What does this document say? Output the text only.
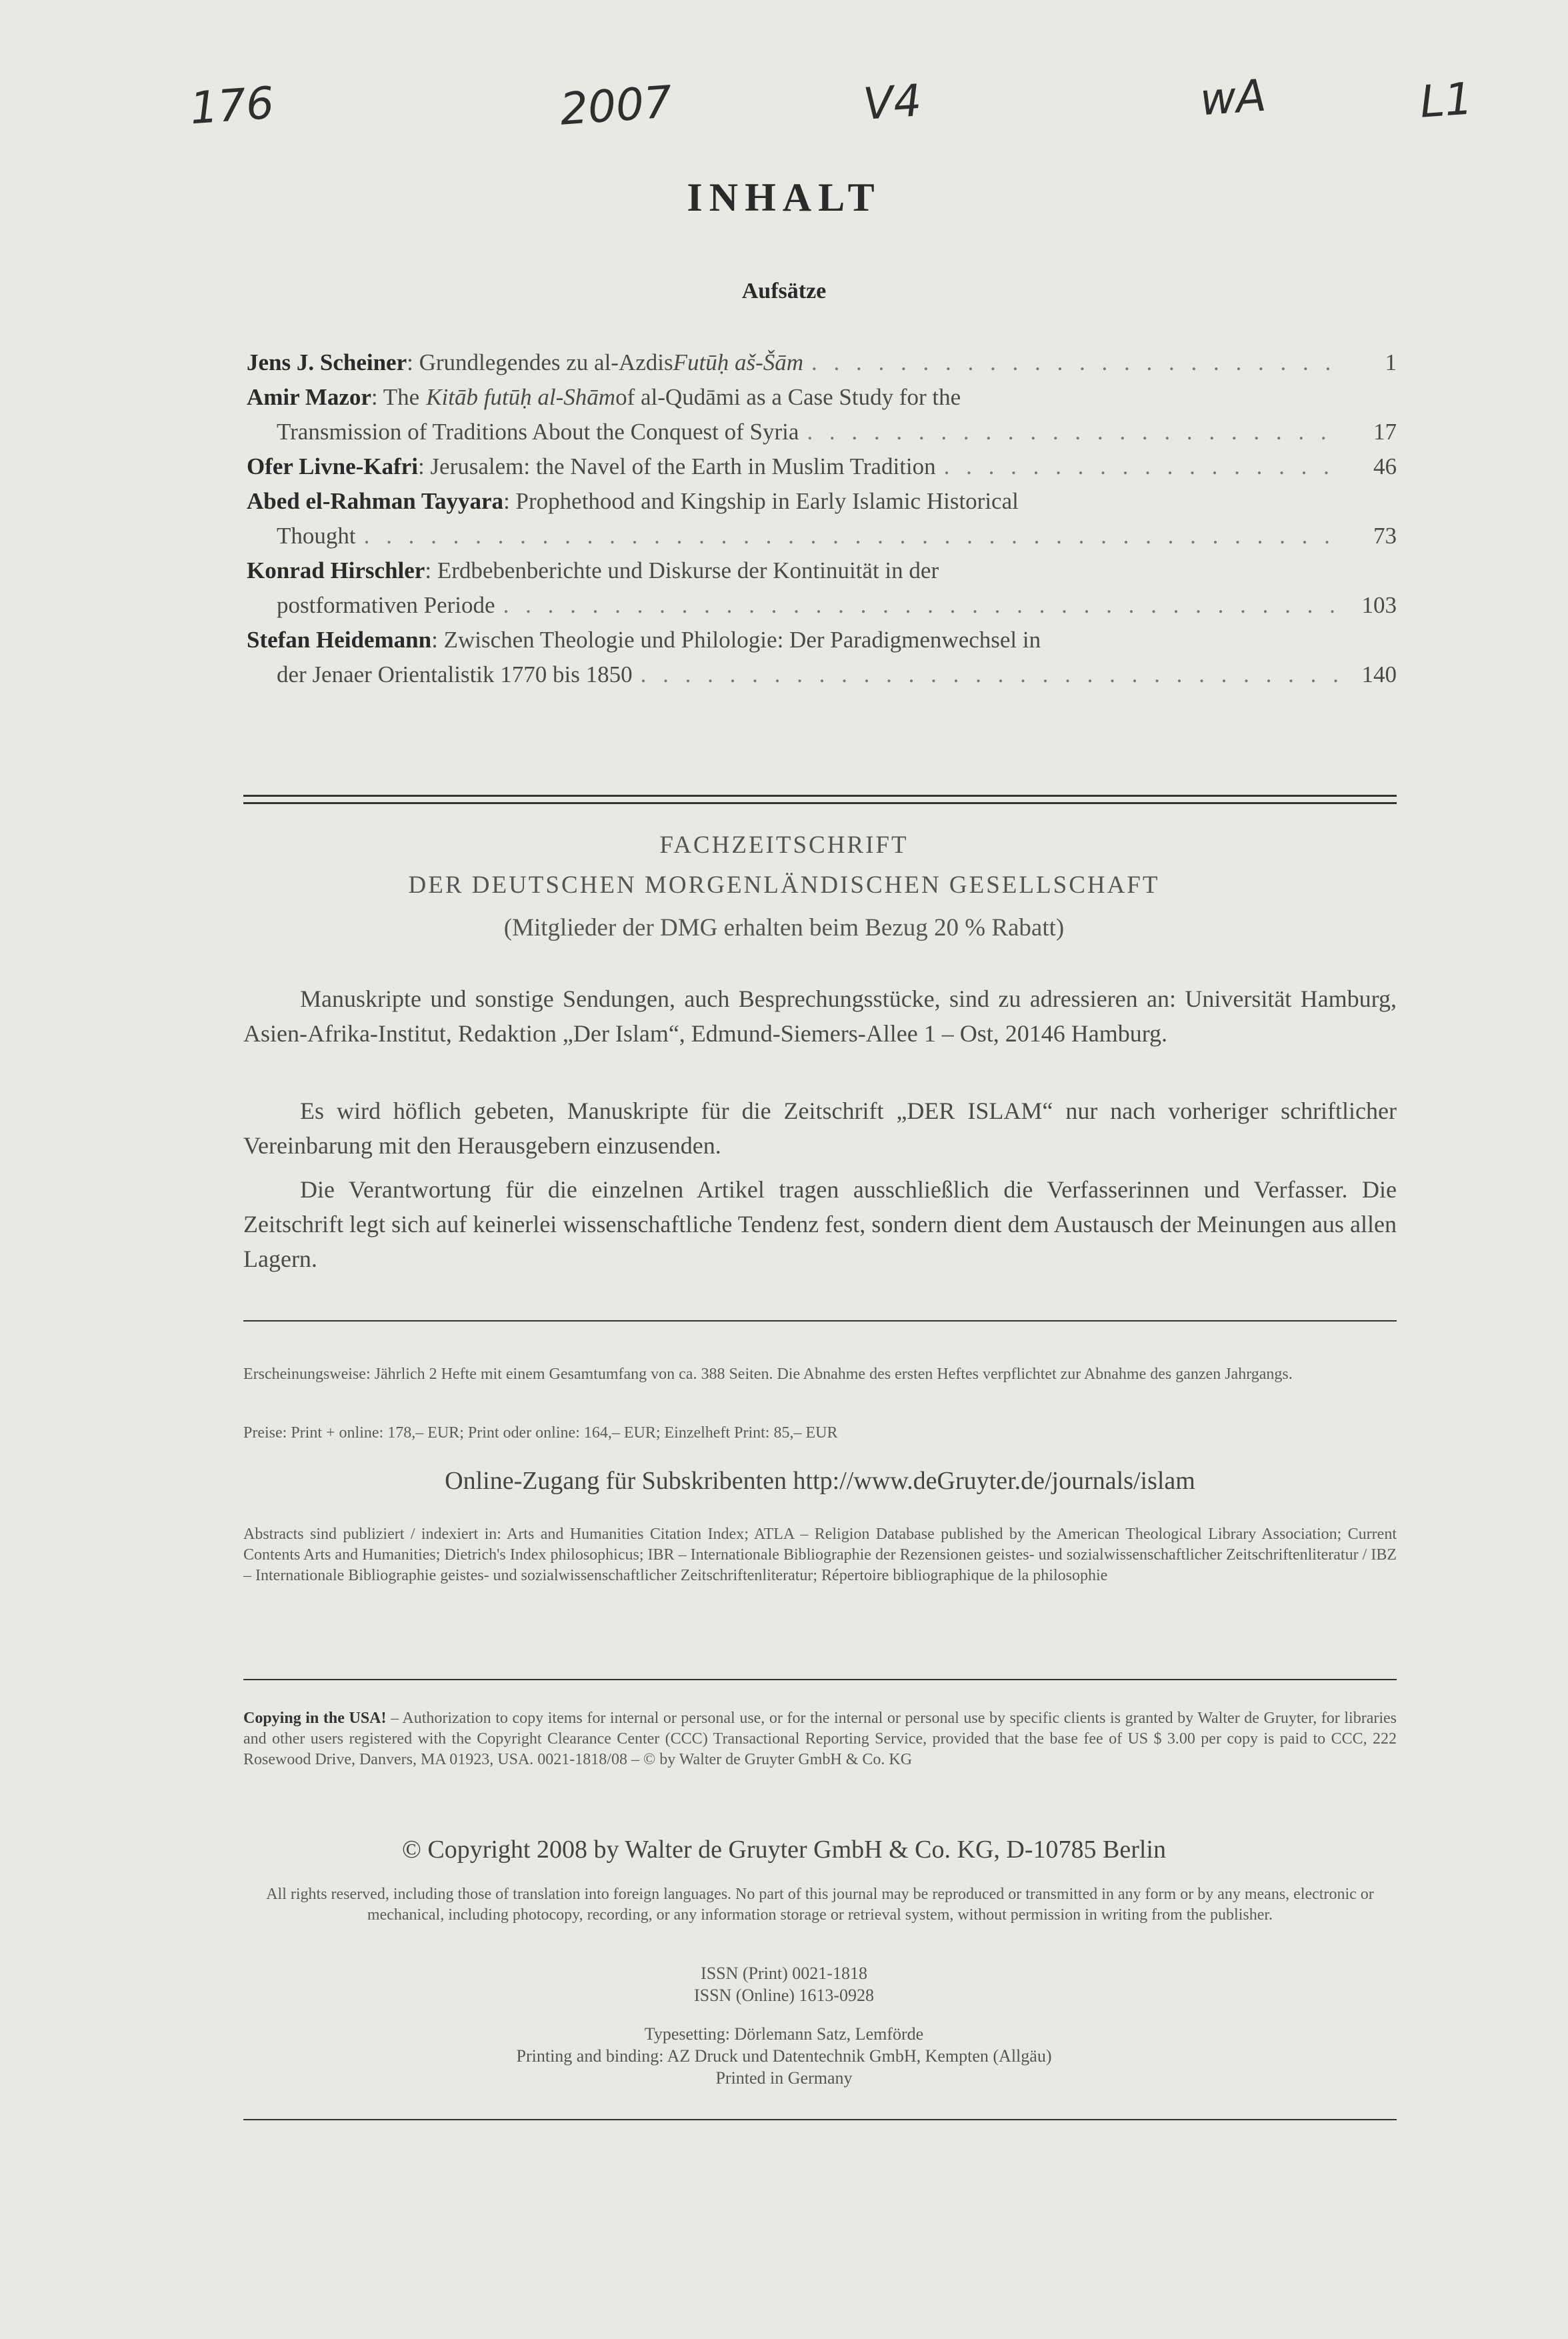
176	2007	V4	wA	L1
INHALT
Aufsätze
Jens J. Scheiner : Grundlegendes zu al-Azdis Futūḥ aš-Šām . . .	1
Amir Mazor : The Kitāb futūḥ al-Shām of al-Qudāmi as a Case Study for the
Transmission of Traditions About the Conquest of Syria . . .	17
Ofer Livne-Kafri : Jerusalem: the Navel of the Earth in Muslim Tradition . . .	46
Abed el-Rahman Tayyara : Prophethood and Kingship in Early Islamic Historical
Thought . . .	73
Konrad Hirschler : Erdbebenberichte und Diskurse der Kontinuität in der
postformativen Periode . . .	103
Stefan Heidemann : Zwischen Theologie und Philologie: Der Paradigmenwechsel in
der Jenaer Orientalistik 1770 bis 1850 . . .	140
FACHZEITSCHRIFT
DER DEUTSCHEN MORGENLÄNDISCHEN GESELLSCHAFT
(Mitglieder der DMG erhalten beim Bezug 20 % Rabatt)
Manuskripte und sonstige Sendungen, auch Besprechungsstücke, sind zu adressieren an: Universität Hamburg, Asien-Afrika-Institut, Redaktion „Der Islam“, Edmund-Siemers-Allee 1 – Ost, 20146 Hamburg.
Es wird höflich gebeten, Manuskripte für die Zeitschrift „DER ISLAM“ nur nach vorheriger schriftlicher Vereinbarung mit den Herausgebern einzusenden.
Die Verantwortung für die einzelnen Artikel tragen ausschließlich die Verfasserinnen und Verfasser. Die Zeitschrift legt sich auf keinerlei wissenschaftliche Tendenz fest, sondern dient dem Austausch der Meinungen aus allen Lagern.
Erscheinungsweise: Jährlich 2 Hefte mit einem Gesamtumfang von ca. 388 Seiten. Die Abnahme des ersten Heftes verpflichtet zur Abnahme des ganzen Jahrgangs.
Preise: Print + online: 178,– EUR; Print oder online: 164,– EUR; Einzelheft Print: 85,– EUR
Online-Zugang für Subskribenten http://www.deGruyter.de/journals/islam
Abstracts sind publiziert / indexiert in: Arts and Humanities Citation Index; ATLA – Religion Database published by the American Theological Library Association; Current Contents Arts and Humanities; Dietrich's Index philosophicus; IBR – Internationale Bibliographie der Rezensionen geistes- und sozialwissenschaftlicher Zeitschriftenliteratur / IBZ – Internationale Bibliographie geistes- und sozialwissenschaftlicher Zeitschriftenliteratur; Répertoire bibliographique de la philosophie
Copying in the USA! – Authorization to copy items for internal or personal use, or for the internal or personal use by specific clients is granted by Walter de Gruyter, for libraries and other users registered with the Copyright Clearance Center (CCC) Transactional Reporting Service, provided that the base fee of US $ 3.00 per copy is paid to CCC, 222 Rosewood Drive, Danvers, MA 01923, USA. 0021-1818/08 – © by Walter de Gruyter GmbH & Co. KG
© Copyright 2008 by Walter de Gruyter GmbH & Co. KG, D-10785 Berlin
All rights reserved, including those of translation into foreign languages. No part of this journal may be reproduced or transmitted in any form or by any means, electronic or mechanical, including photocopy, recording, or any information storage or retrieval system, without permission in writing from the publisher.
ISSN (Print) 0021-1818
ISSN (Online) 1613-0928
Typesetting: Dörlemann Satz, Lemförde
Printing and binding: AZ Druck und Datentechnik GmbH, Kempten (Allgäu)
Printed in Germany
